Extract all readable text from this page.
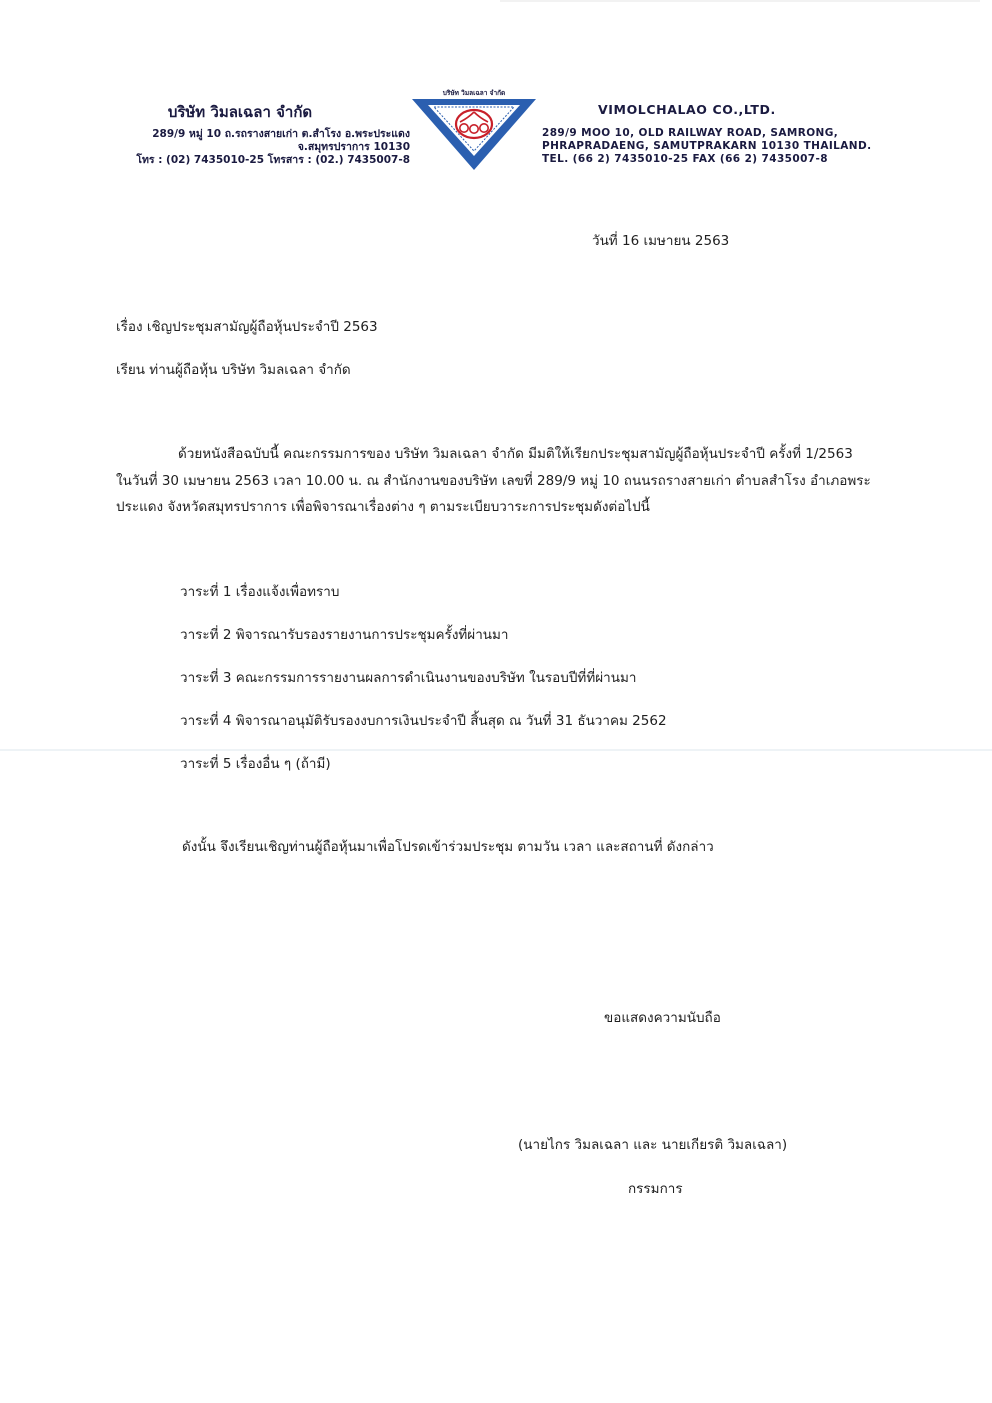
บริษัท วิมลเฉลา จำกัด
289/9 หมู่ 10 ถ.รถรางสายเก่า ต.สำโรง อ.พระประแดง
จ.สมุทรปราการ 10130
โทร : (02) 7435010-25 โทรสาร : (02.) 7435007-8
บริษัท วิมลเฉลา จำกัด
VIMOLCHALAO CO.,LTD.
289/9 MOO 10, OLD RAILWAY ROAD, SAMRONG,
PHRAPRADAENG, SAMUTPRAKARN 10130 THAILAND.
TEL. (66 2) 7435010-25 FAX (66 2) 7435007-8
วันที่ 16 เมษายน 2563
เรื่อง เชิญประชุมสามัญผู้ถือหุ้นประจำปี 2563
เรียน ท่านผู้ถือหุ้น บริษัท วิมลเฉลา จำกัด
ด้วยหนังสือฉบับนี้ คณะกรรมการของ บริษัท วิมลเฉลา จำกัด มีมติให้เรียกประชุมสามัญผู้ถือหุ้นประจำปี ครั้งที่ 1/2563
ในวันที่ 30 เมษายน 2563 เวลา 10.00 น. ณ สำนักงานของบริษัท เลขที่ 289/9 หมู่ 10 ถนนรถรางสายเก่า ตำบลสำโรง อำเภอพระ
ประแดง จังหวัดสมุทรปราการ เพื่อพิจารณาเรื่องต่าง ๆ ตามระเบียบวาระการประชุมดังต่อไปนี้
วาระที่ 1 เรื่องแจ้งเพื่อทราบ
วาระที่ 2 พิจารณารับรองรายงานการประชุมครั้งที่ผ่านมา
วาระที่ 3 คณะกรรมการรายงานผลการดำเนินงานของบริษัท ในรอบปีที่ที่ผ่านมา
วาระที่ 4 พิจารณาอนุมัติรับรองงบการเงินประจำปี สิ้นสุด ณ วันที่ 31 ธันวาคม 2562
วาระที่ 5 เรื่องอื่น ๆ (ถ้ามี)
ดังนั้น จึงเรียนเชิญท่านผู้ถือหุ้นมาเพื่อโปรดเข้าร่วมประชุม ตามวัน เวลา และสถานที่ ดังกล่าว
ขอแสดงความนับถือ
(นายไกร วิมลเฉลา และ นายเกียรติ วิมลเฉลา)
กรรมการ
